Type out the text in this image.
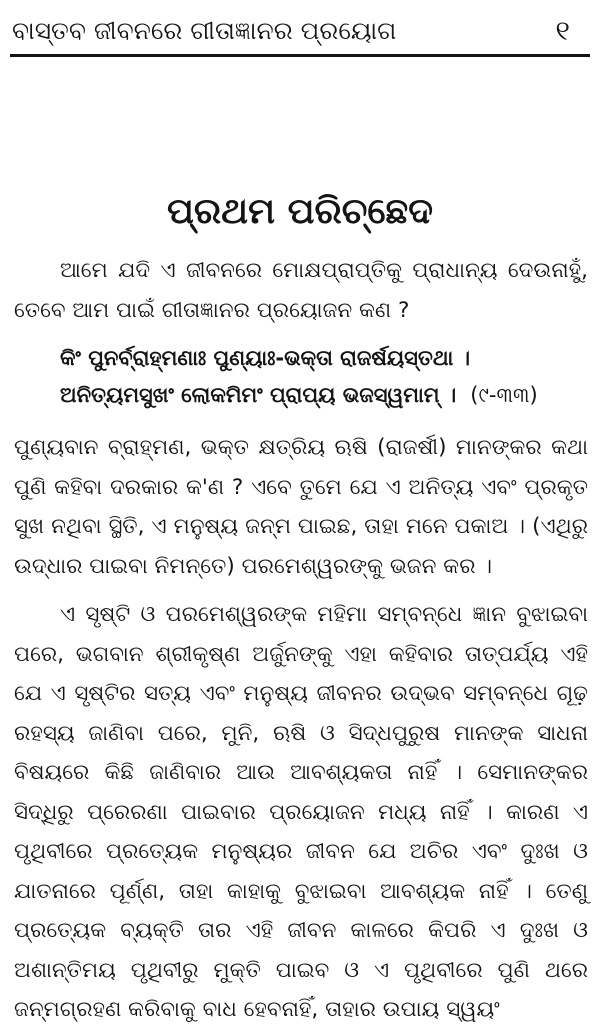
ବାସ୍ତବ ଜୀବନରେ ଗୀତାଜ୍ଞାନର ପ୍ରୟୋଗ	୧
ପ୍ରଥମ ପରିଚ୍ଛେଦ

ଆମେ ଯଦି ଏ ଜୀବନରେ ମୋକ୍ଷପ୍ରାପ୍ତିକୁ ପ୍ରାଧାନ୍ୟ ଦେଉନାହୁଁ, ତେବେ ଆମ ପାଇଁ ଗୀତାଜ୍ଞାନର ପ୍ରୟୋଜନ କଣ ?

କିଂ ପୁନର୍ବ୍ରାହ୍ମଣାଃ ପୁଣ୍ୟାଃ-ଭକ୍ତା ରାଜର୍ଷୟସ୍ତଥା ।
ଅନିତ୍ୟମସୁଖଂ ଲୋକମିମଂ ପ୍ରାପ୍ୟ ଭଜସ୍ୱମାମ୍ । (୯-୩୩)

ପୁଣ୍ୟବାନ ବ୍ରାହ୍ମଣ, ଭକ୍ତ କ୍ଷତ୍ରିୟ ଋଷି (ରାଜର୍ଷୀ) ମାନଙ୍କର କଥା ପୁଣି କହିବା ଦରକାର କ'ଣ ? ଏବେ ତୁମେ ଯେ ଏ ଅନିତ୍ୟ ଏବଂ ପ୍ରକୃତ ସୁଖ ନଥିବା ସ୍ଥିତି, ଏ ମନୁଷ୍ୟ ଜନ୍ମ ପାଇଛ, ତାହା ମନେ ପକାଅ । (ଏଥିରୁ ଉଦ୍ଧାର ପାଇବା ନିମନ୍ତେ) ପରମେଶ୍ୱରଙ୍କୁ ଭଜନ କର ।

ଏ ସୃଷ୍ଟି ଓ ପରମେଶ୍ୱରଙ୍କ ମହିମା ସମ୍ବନ୍ଧେ ଜ୍ଞାନ ବୁଝାଇବା ପରେ, ଭଗବାନ ଶ୍ରୀକୃଷ୍ଣ ଅର୍ଜୁନଙ୍କୁ ଏହା କହିବାର ତାତ୍ପର୍ଯ୍ୟ ଏହି ଯେ ଏ ସୃଷ୍ଟିର ସତ୍ୟ ଏବଂ ମନୁଷ୍ୟ ଜୀବନର ଉଦ୍‌ଭବ ସମ୍ବନ୍ଧେ ଗୂଢ଼ ରହସ୍ୟ ଜାଣିବା ପରେ, ମୁନି, ଋଷି ଓ ସିଦ୍ଧପୁରୁଷ ମାନଙ୍କ ସାଧନା ବିଷୟରେ କିଛି ଜାଣିବାର ଆଉ ଆବଶ୍ୟକତା ନାହିଁ । ସେମାନଙ୍କର ସିଦ୍ଧିରୁ ପ୍ରେରଣା ପାଇବାର ପ୍ରୟୋଜନ ମଧ୍ୟ ନାହିଁ । କାରଣ ଏ ପୃଥିବୀରେ ପ୍ରତ୍ୟେକ ମନୁଷ୍ୟର ଜୀବନ ଯେ ଅଚିର ଏବଂ ଦୁଃଖ ଓ ଯାତନାରେ ପୂର୍ଣ୍ଣ, ତାହା କାହାକୁ ବୁଝାଇବା ଆବଶ୍ୟକ ନାହିଁ । ତେଣୁ ପ୍ରତ୍ୟେକ ବ୍ୟକ୍ତି ତାର ଏହି ଜୀବନ କାଳରେ କିପରି ଏ ଦୁଃଖ ଓ ଅଶାନ୍ତିମୟ ପୃଥିବୀରୁ ମୁକ୍ତି ପାଇବ ଓ ଏ ପୃଥିବୀରେ ପୁଣି ଥରେ ଜନ୍ମଗ୍ରହଣ କରିବାକୁ ବାଧ ହେବନାହିଁ, ତାହାର ଉପାୟ ସ୍ୱୟଂ
